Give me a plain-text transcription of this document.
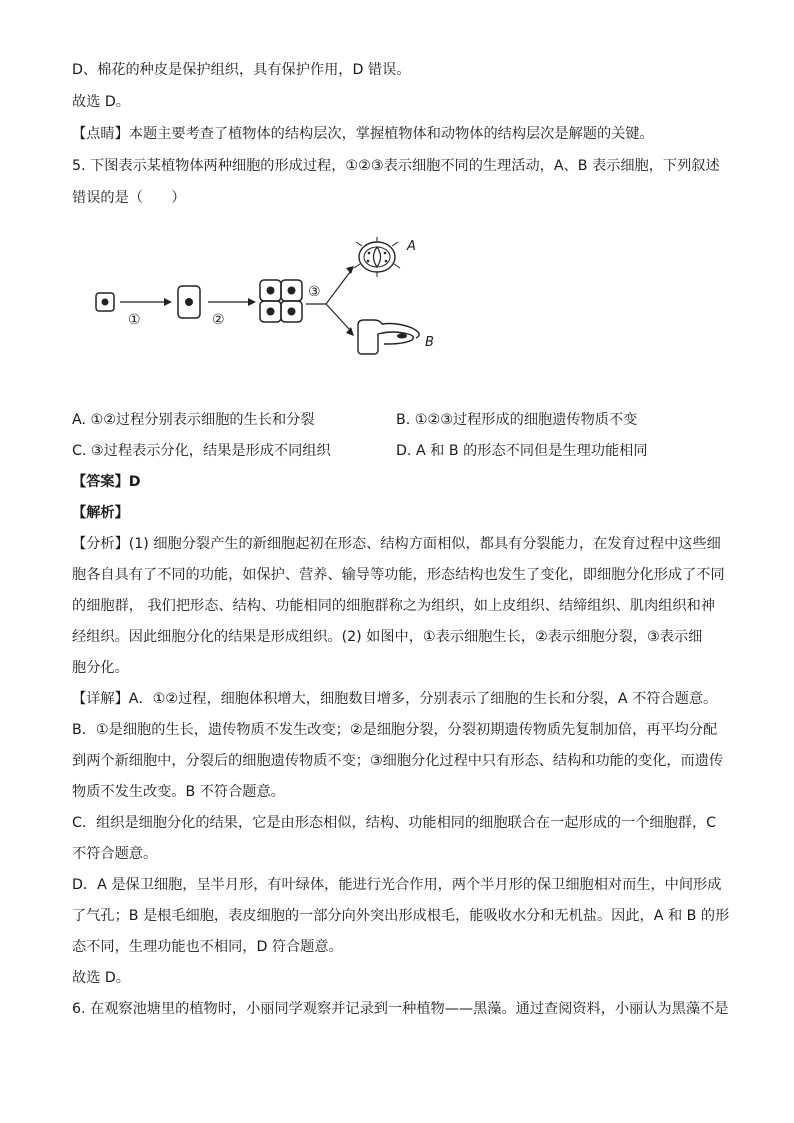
D、棉花的种皮是保护组织，具有保护作用，D 错误。
故选 D。
【点睛】本题主要考查了植物体的结构层次，掌握植物体和动物体的结构层次是解题的关键。
5. 下图表示某植物体两种细胞的形成过程，①②③表示细胞不同的生理活动，A、B 表示细胞，下列叙述
错误的是（　　）
①	②
③
A
B
A. ①②过程分别表示细胞的生长和分裂	B. ①②③过程形成的细胞遗传物质不变
C. ③过程表示分化，结果是形成不同组织	D. A 和 B 的形态不同但是生理功能相同
【答案】D
【解析】
【分析】(1) 细胞分裂产生的新细胞起初在形态、结构方面相似，都具有分裂能力，在发育过程中这些细
胞各自具有了不同的功能，如保护、营养、输导等功能，形态结构也发生了变化，即细胞分化形成了不同
的细胞群， 我们把形态、结构、功能相同的细胞群称之为组织，如上皮组织、结缔组织、肌肉组织和神
经组织。因此细胞分化的结果是形成组织。(2) 如图中，①表示细胞生长，②表示细胞分裂，③表示细
胞分化。
【详解】A．①②过程，细胞体积增大，细胞数目增多，分别表示了细胞的生长和分裂，A 不符合题意。
B．①是细胞的生长，遗传物质不发生改变；②是细胞分裂，分裂初期遗传物质先复制加倍，再平均分配
到两个新细胞中，分裂后的细胞遗传物质不变；③细胞分化过程中只有形态、结构和功能的变化，而遗传
物质不发生改变。B 不符合题意。
C．组织是细胞分化的结果，它是由形态相似，结构、功能相同的细胞联合在一起形成的一个细胞群，C
不符合题意。
D．A 是保卫细胞，呈半月形，有叶绿体，能进行光合作用，两个半月形的保卫细胞相对而生，中间形成
了气孔；B 是根毛细胞，表皮细胞的一部分向外突出形成根毛，能吸收水分和无机盐。因此，A 和 B 的形
态不同，生理功能也不相同，D 符合题意。
故选 D。
6. 在观察池塘里的植物时，小丽同学观察并记录到一种植物——黑藻。通过查阅资料，小丽认为黑藻不是
